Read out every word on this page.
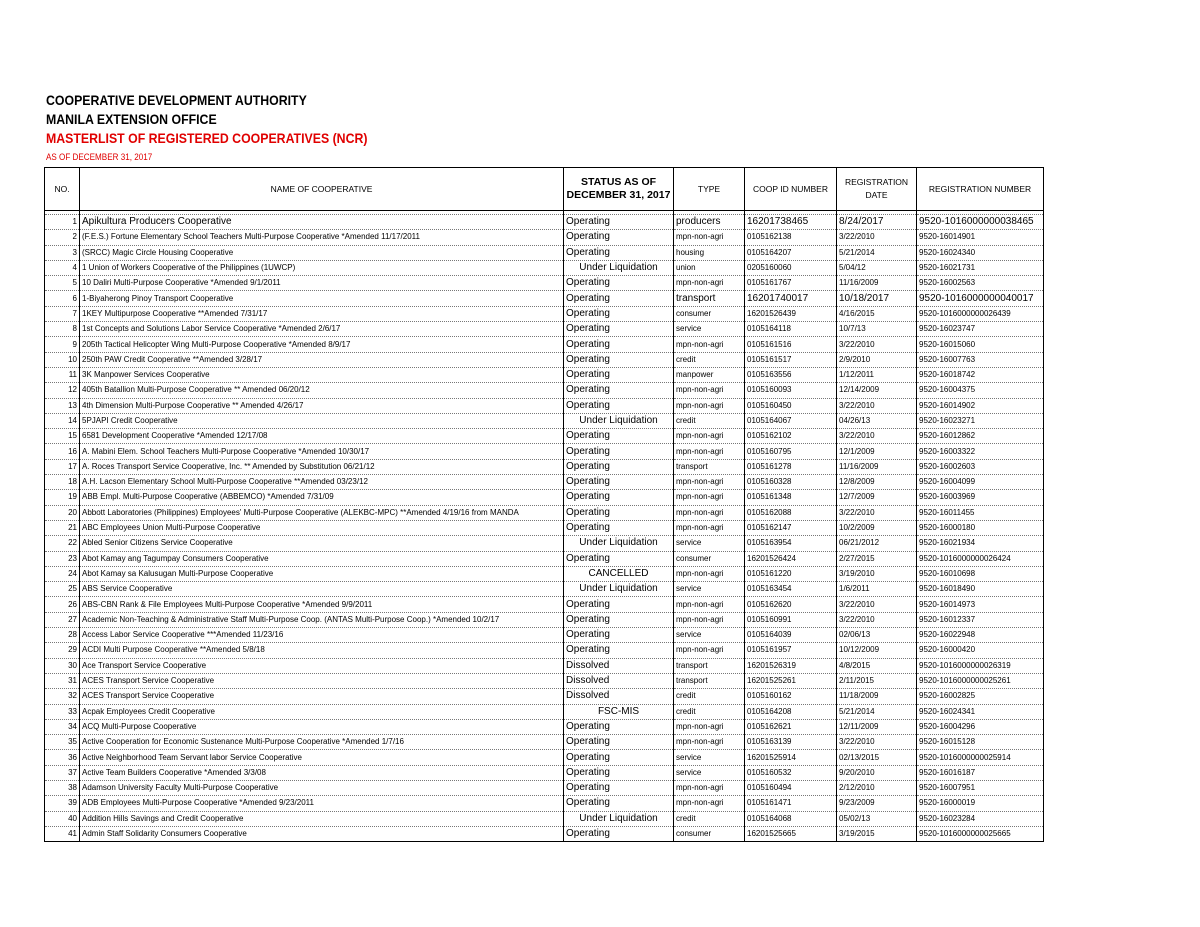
COOPERATIVE DEVELOPMENT AUTHORITY
MANILA EXTENSION OFFICE
MASTERLIST OF REGISTERED COOPERATIVES (NCR)
AS OF DECEMBER 31, 2017
NO.	NAME OF COOPERATIVE	STATUS AS OF DECEMBER 31, 2017	TYPE	COOP ID NUMBER	REGISTRATION DATE	REGISTRATION NUMBER

1	Apikultura Producers Cooperative	Operating	producers	16201738465	8/24/2017	9520-1016000000038465
2	(F.E.S.) Fortune Elementary School Teachers Multi-Purpose Cooperative *Amended 11/17/2011	Operating	mpn-non-agri	0105162138	3/22/2010	9520-16014901
3	(SRCC) Magic Circle Housing Cooperative	Operating	housing	0105164207	5/21/2014	9520-16024340
4	1 Union of Workers Cooperative of the Philippines (1UWCP)	Under Liquidation	union	0205160060	5/04/12	9520-16021731
5	10 Daliri Multi-Purpose Cooperative *Amended 9/1/2011	Operating	mpn-non-agri	0105161767	11/16/2009	9520-16002563
6	1-Biyaherong Pinoy Transport Cooperative	Operating	transport	16201740017	10/18/2017	9520-1016000000040017
7	1KEY Multipurpose Cooperative **Amended 7/31/17	Operating	consumer	16201526439	4/16/2015	9520-1016000000026439
8	1st Concepts and Solutions Labor Service Cooperative *Amended 2/6/17	Operating	service	0105164118	10/7/13	9520-16023747
9	205th Tactical Helicopter Wing Multi-Purpose Cooperative *Amended 8/9/17	Operating	mpn-non-agri	0105161516	3/22/2010	9520-16015060
10	250th PAW Credit Cooperative **Amended 3/28/17	Operating	credit	0105161517	2/9/2010	9520-16007763
11	3K Manpower Services Cooperative	Operating	manpower	0105163556	1/12/2011	9520-16018742
12	405th Batallion Multi-Purpose Cooperative ** Amended 06/20/12	Operating	mpn-non-agri	0105160093	12/14/2009	9520-16004375
13	4th Dimension Multi-Purpose Cooperative ** Amended 4/26/17	Operating	mpn-non-agri	0105160450	3/22/2010	9520-16014902
14	5PJAPI Credit Cooperative	Under Liquidation	credit	0105164067	04/26/13	9520-16023271
15	6581 Development Cooperative *Amended 12/17/08	Operating	mpn-non-agri	0105162102	3/22/2010	9520-16012862
16	A. Mabini Elem. School Teachers Multi-Purpose Cooperative *Amended 10/30/17	Operating	mpn-non-agri	0105160795	12/1/2009	9520-16003322
17	A. Roces Transport Service Cooperative, Inc. ** Amended by Substitution 06/21/12	Operating	transport	0105161278	11/16/2009	9520-16002603
18	A.H. Lacson Elementary School Multi-Purpose Cooperative **Amended 03/23/12	Operating	mpn-non-agri	0105160328	12/8/2009	9520-16004099
19	ABB Empl. Multi-Purpose Cooperative (ABBEMCO) *Amended 7/31/09	Operating	mpn-non-agri	0105161348	12/7/2009	9520-16003969
20	Abbott Laboratories (Philippines) Employees' Multi-Purpose Cooperative (ALEKBC-MPC) **Amended 4/19/16 from MANDA	Operating	mpn-non-agri	0105162088	3/22/2010	9520-16011455
21	ABC Employees Union Multi-Purpose Cooperative	Operating	mpn-non-agri	0105162147	10/2/2009	9520-16000180
22	Abled Senior Citizens Service Cooperative	Under Liquidation	service	0105163954	06/21/2012	9520-16021934
23	Abot Kamay ang Tagumpay Consumers Cooperative	Operating	consumer	16201526424	2/27/2015	9520-1016000000026424
24	Abot Kamay sa Kalusugan Multi-Purpose Cooperative	CANCELLED	mpn-non-agri	0105161220	3/19/2010	9520-16010698
25	ABS Service Cooperative	Under Liquidation	service	0105163454	1/6/2011	9520-16018490
26	ABS-CBN Rank & File Employees Multi-Purpose Cooperative *Amended 9/9/2011	Operating	mpn-non-agri	0105162620	3/22/2010	9520-16014973
27	Academic Non-Teaching & Administrative Staff Multi-Purpose Coop. (ANTAS Multi-Purpose Coop.) *Amended 10/2/17	Operating	mpn-non-agri	0105160991	3/22/2010	9520-16012337
28	Access Labor Service Cooperative ***Amended 11/23/16	Operating	service	0105164039	02/06/13	9520-16022948
29	ACDI Multi Purpose Cooperative **Amended 5/8/18	Operating	mpn-non-agri	0105161957	10/12/2009	9520-16000420
30	Ace Transport Service Cooperative	Dissolved	transport	16201526319	4/8/2015	9520-1016000000026319
31	ACES Transport Service Cooperative	Dissolved	transport	16201525261	2/11/2015	9520-1016000000025261
32	ACES Transport Service Cooperative	Dissolved	credit	0105160162	11/18/2009	9520-16002825
33	Acpak Employees Credit Cooperative	FSC-MIS	credit	0105164208	5/21/2014	9520-16024341
34	ACQ Multi-Purpose Cooperative	Operating	mpn-non-agri	0105162621	12/11/2009	9520-16004296
35	Active Cooperation for Economic Sustenance Multi-Purpose Cooperative *Amended 1/7/16	Operating	mpn-non-agri	0105163139	3/22/2010	9520-16015128
36	Active Neighborhood Team Servant labor Service Cooperative	Operating	service	16201525914	02/13/2015	9520-1016000000025914
37	Active Team Builders Cooperative *Amended 3/3/08	Operating	service	0105160532	9/20/2010	9520-16016187
38	Adamson University Faculty Multi-Purpose Cooperative	Operating	mpn-non-agri	0105160494	2/12/2010	9520-16007951
39	ADB Employees Multi-Purpose Cooperative *Amended 9/23/2011	Operating	mpn-non-agri	0105161471	9/23/2009	9520-16000019
40	Addition Hills Savings and Credit Cooperative	Under Liquidation	credit	0105164068	05/02/13	9520-16023284
41	Admin Staff Solidarity Consumers Cooperative	Operating	consumer	16201525665	3/19/2015	9520-1016000000025665
